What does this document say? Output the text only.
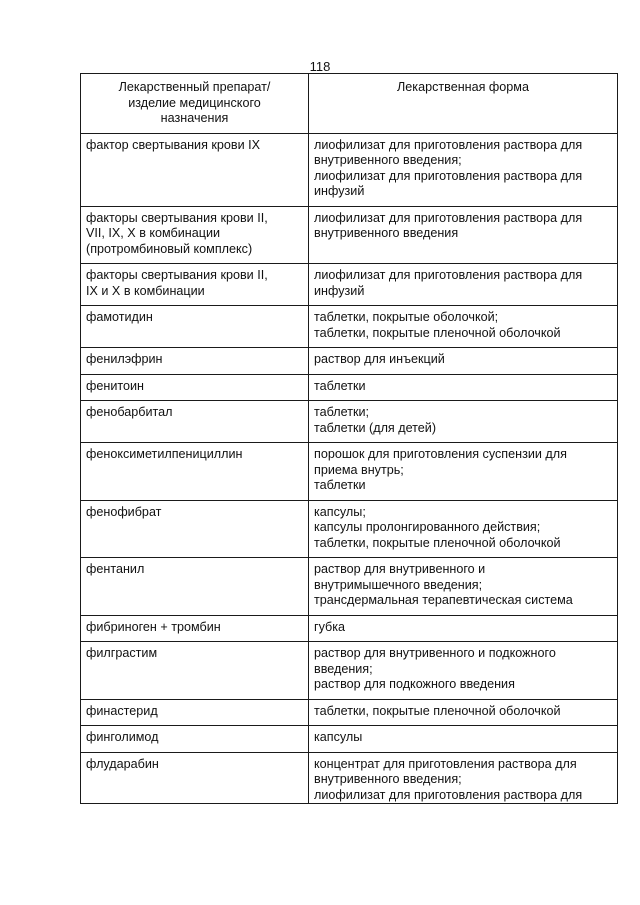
118
Лекарственный препарат/
изделие медицинского
назначения	Лекарственная форма

фактор свертывания крови IX	лиофилизат для приготовления раствора для
внутривенного введения;
лиофилизат для приготовления раствора для
инфузий

факторы свертывания крови II,
VII, IX, X в комбинации
(протромбиновый комплекс)	лиофилизат для приготовления раствора для
внутривенного введения

факторы свертывания крови II,
IX и X в комбинации	лиофилизат для приготовления раствора для
инфузий

фамотидин	таблетки, покрытые оболочкой;
таблетки, покрытые пленочной оболочкой

фенилэфрин	раствор для инъекций

фенитоин	таблетки

фенобарбитал	таблетки;
таблетки (для детей)

феноксиметилпенициллин	порошок для приготовления суспензии для
приема внутрь;
таблетки

фенофибрат	капсулы;
капсулы пролонгированного действия;
таблетки, покрытые пленочной оболочкой

фентанил	раствор для внутривенного и
внутримышечного введения;
трансдермальная терапевтическая система

фибриноген + тромбин	губка

филграстим	раствор для внутривенного и подкожного
введения;
раствор для подкожного введения

финастерид	таблетки, покрытые пленочной оболочкой

финголимод	капсулы

флударабин	концентрат для приготовления раствора для
внутривенного введения;
лиофилизат для приготовления раствора для
